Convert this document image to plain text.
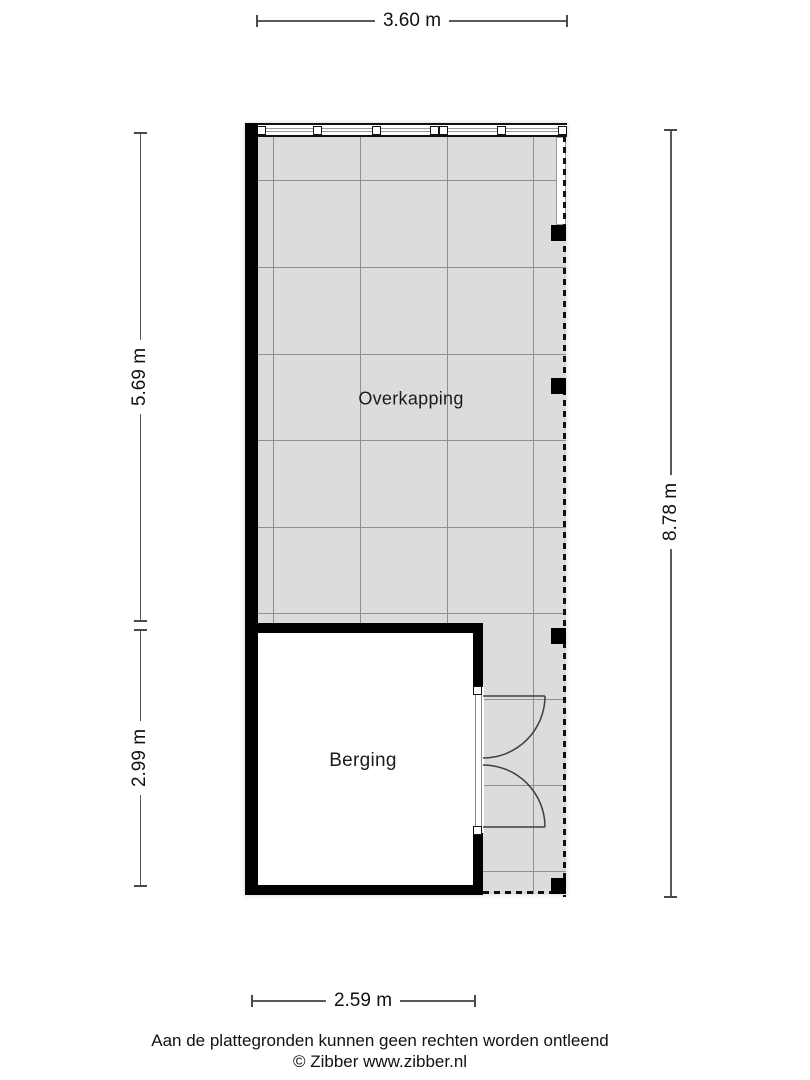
3.60 m
5.69 m
2.99 m
8.78 m
2.59 m
Overkapping
Berging
Aan de plattegronden kunnen geen rechten worden ontleend
© Zibber www.zibber.nl
